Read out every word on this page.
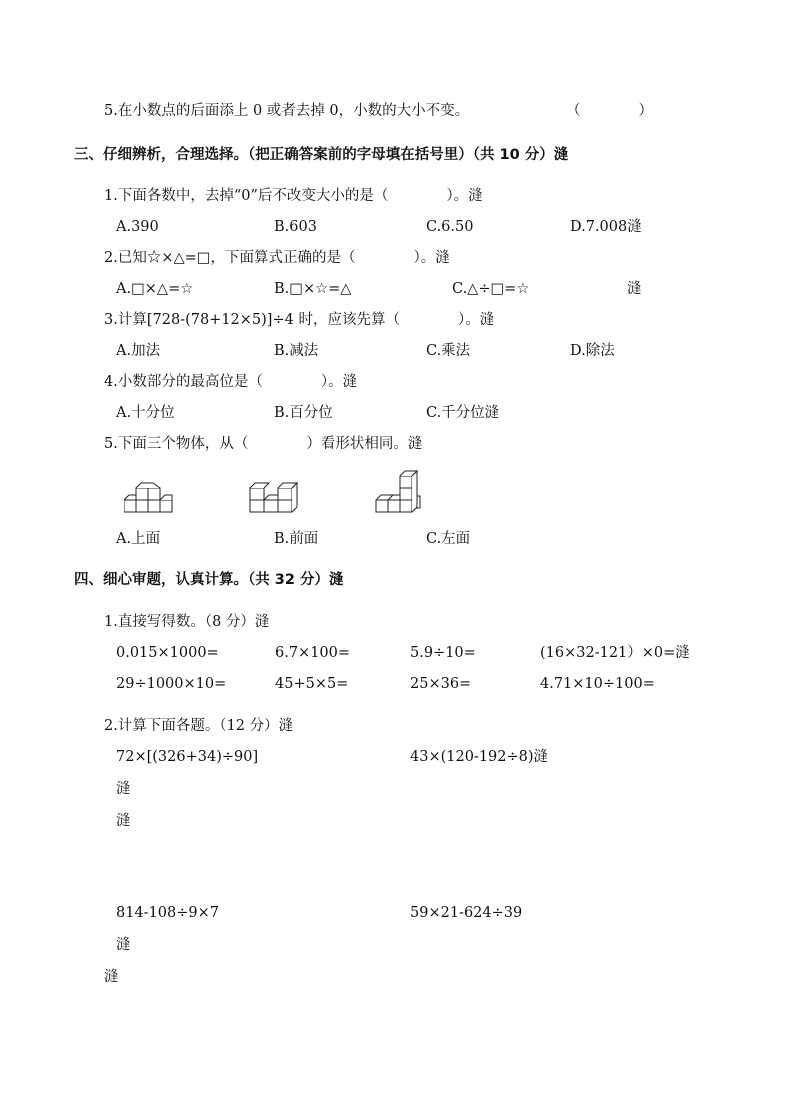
5.在小数点的后面添上 0 或者去掉 0，小数的大小不变。	（　　　　）
三、仔细辨析，合理选择。（把正确答案前的字母填在括号里）（共 10 分）漨
1.下面各数中，去掉“0”后不改变大小的是（　　　　）。漨
A.390	B.603	C.6.50	D.7.008漨
2.已知☆×△=□，下面算式正确的是（　　　　）。漨
A.□×△=☆	B.□×☆=△	C.△÷□=☆	漨
3.计算[728-(78+12×5)]÷4 时，应该先算（　　　　）。漨
A.加法	B.减法	C.乘法	D.除法
4.小数部分的最高位是（　　　　）。漨
A.十分位	B.百分位	C.千分位漨
5.下面三个物体，从（　　　　）看形状相同。漨
A.上面	B.前面	C.左面
四、细心审题，认真计算。（共 32 分）漨
1.直接写得数。（8 分）漨
0.015×1000=	6.7×100=	5.9÷10=	(16×32-121）×0=漨
29÷1000×10=	45+5×5=	25×36=	4.71×10÷100=
2.计算下面各题。（12 分）漨
72×[(326+34)÷90]	43×(120-192÷8)漨
漨
漨
814-108÷9×7	59×21-624÷39
漨
漨
